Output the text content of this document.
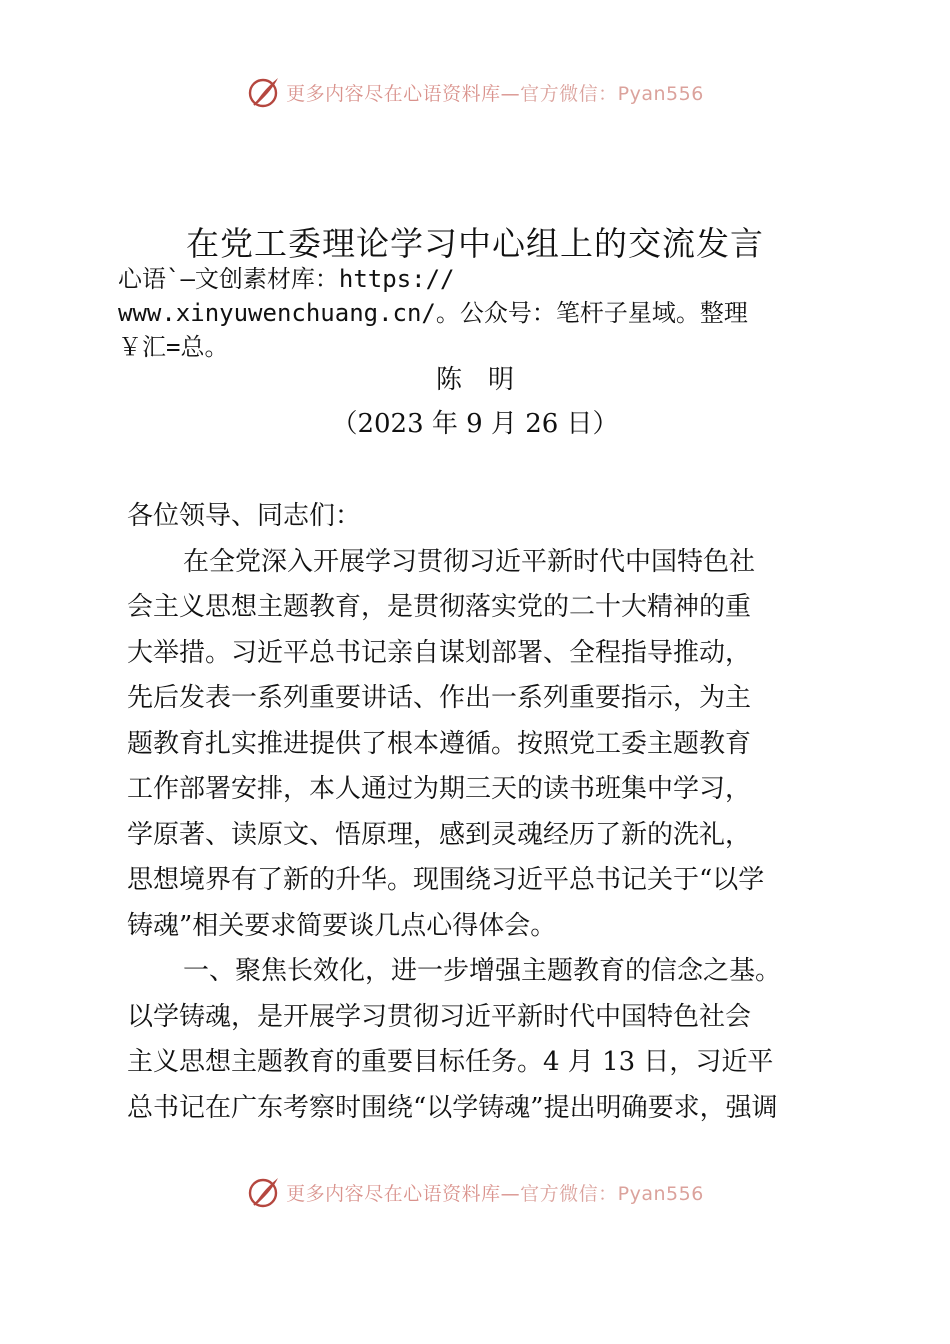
更多内容尽在心语资料库—官方微信：Pyan556
在党工委理论学习中心组上的交流发言
心语`—文创素材库：https://
www.xinyuwenchuang.cn/。公众号：笔杆子星域。整理
￥汇=总。
陈　明
（2023 年 9 月 26 日）
各位领导、同志们：
在全党深入开展学习贯彻习近平新时代中国特色社
会主义思想主题教育，是贯彻落实党的二十大精神的重
大举措。习近平总书记亲自谋划部署、全程指导推动，
先后发表一系列重要讲话、作出一系列重要指示，为主
题教育扎实推进提供了根本遵循。按照党工委主题教育
工作部署安排，本人通过为期三天的读书班集中学习，
学原著、读原文、悟原理，感到灵魂经历了新的洗礼，
思想境界有了新的升华。现围绕习近平总书记关于“以学
铸魂”相关要求简要谈几点心得体会。
一、聚焦长效化，进一步增强主题教育的信念之基。
以学铸魂，是开展学习贯彻习近平新时代中国特色社会
主义思想主题教育的重要目标任务。4 月 13 日，习近平
总书记在广东考察时围绕“以学铸魂”提出明确要求，强调
更多内容尽在心语资料库—官方微信：Pyan556
